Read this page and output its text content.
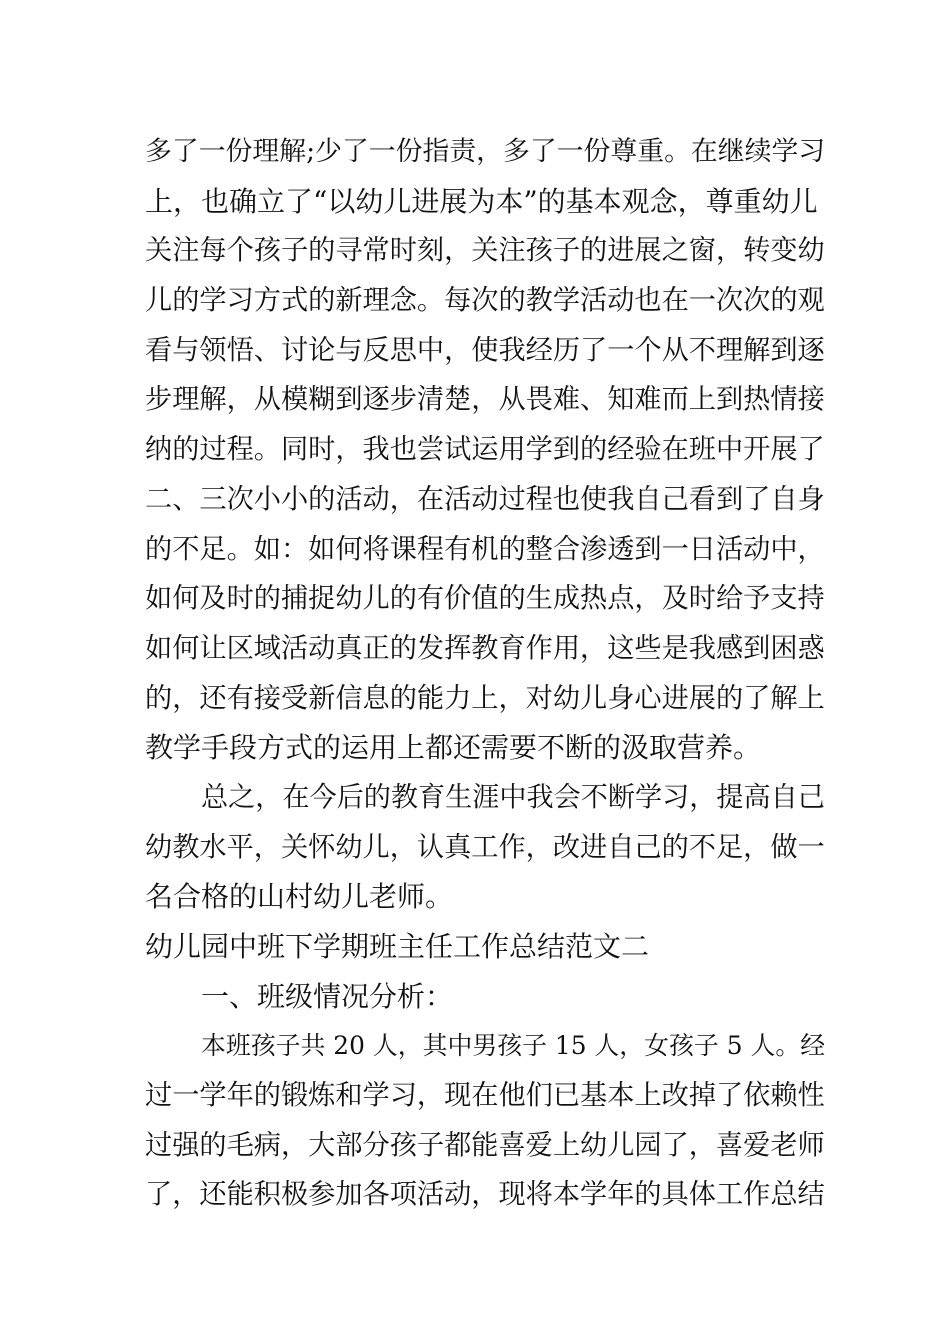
多了一份理解;少了一份指责，多了一份尊重。在继续学习
上，也确立了“以幼儿进展为本”的基本观念，尊重幼儿
关注每个孩子的寻常时刻，关注孩子的进展之窗，转变幼
儿的学习方式的新理念。每次的教学活动也在一次次的观
看与领悟、讨论与反思中，使我经历了一个从不理解到逐
步理解，从模糊到逐步清楚，从畏难、知难而上到热情接
纳的过程。同时，我也尝试运用学到的经验在班中开展了
二、三次小小的活动，在活动过程也使我自己看到了自身
的不足。如：如何将课程有机的整合渗透到一日活动中，
如何及时的捕捉幼儿的有价值的生成热点，及时给予支持
如何让区域活动真正的发挥教育作用，这些是我感到困惑
的，还有接受新信息的能力上，对幼儿身心进展的了解上
教学手段方式的运用上都还需要不断的汲取营养。
总之，在今后的教育生涯中我会不断学习，提高自己
幼教水平，关怀幼儿，认真工作，改进自己的不足，做一
名合格的山村幼儿老师。
幼儿园中班下学期班主任工作总结范文二
一、班级情况分析：
本班孩子共 20 人，其中男孩子 15 人，女孩子 5 人。经
过一学年的锻炼和学习，现在他们已基本上改掉了依赖性
过强的毛病，大部分孩子都能喜爱上幼儿园了，喜爱老师
了，还能积极参加各项活动，现将本学年的具体工作总结
